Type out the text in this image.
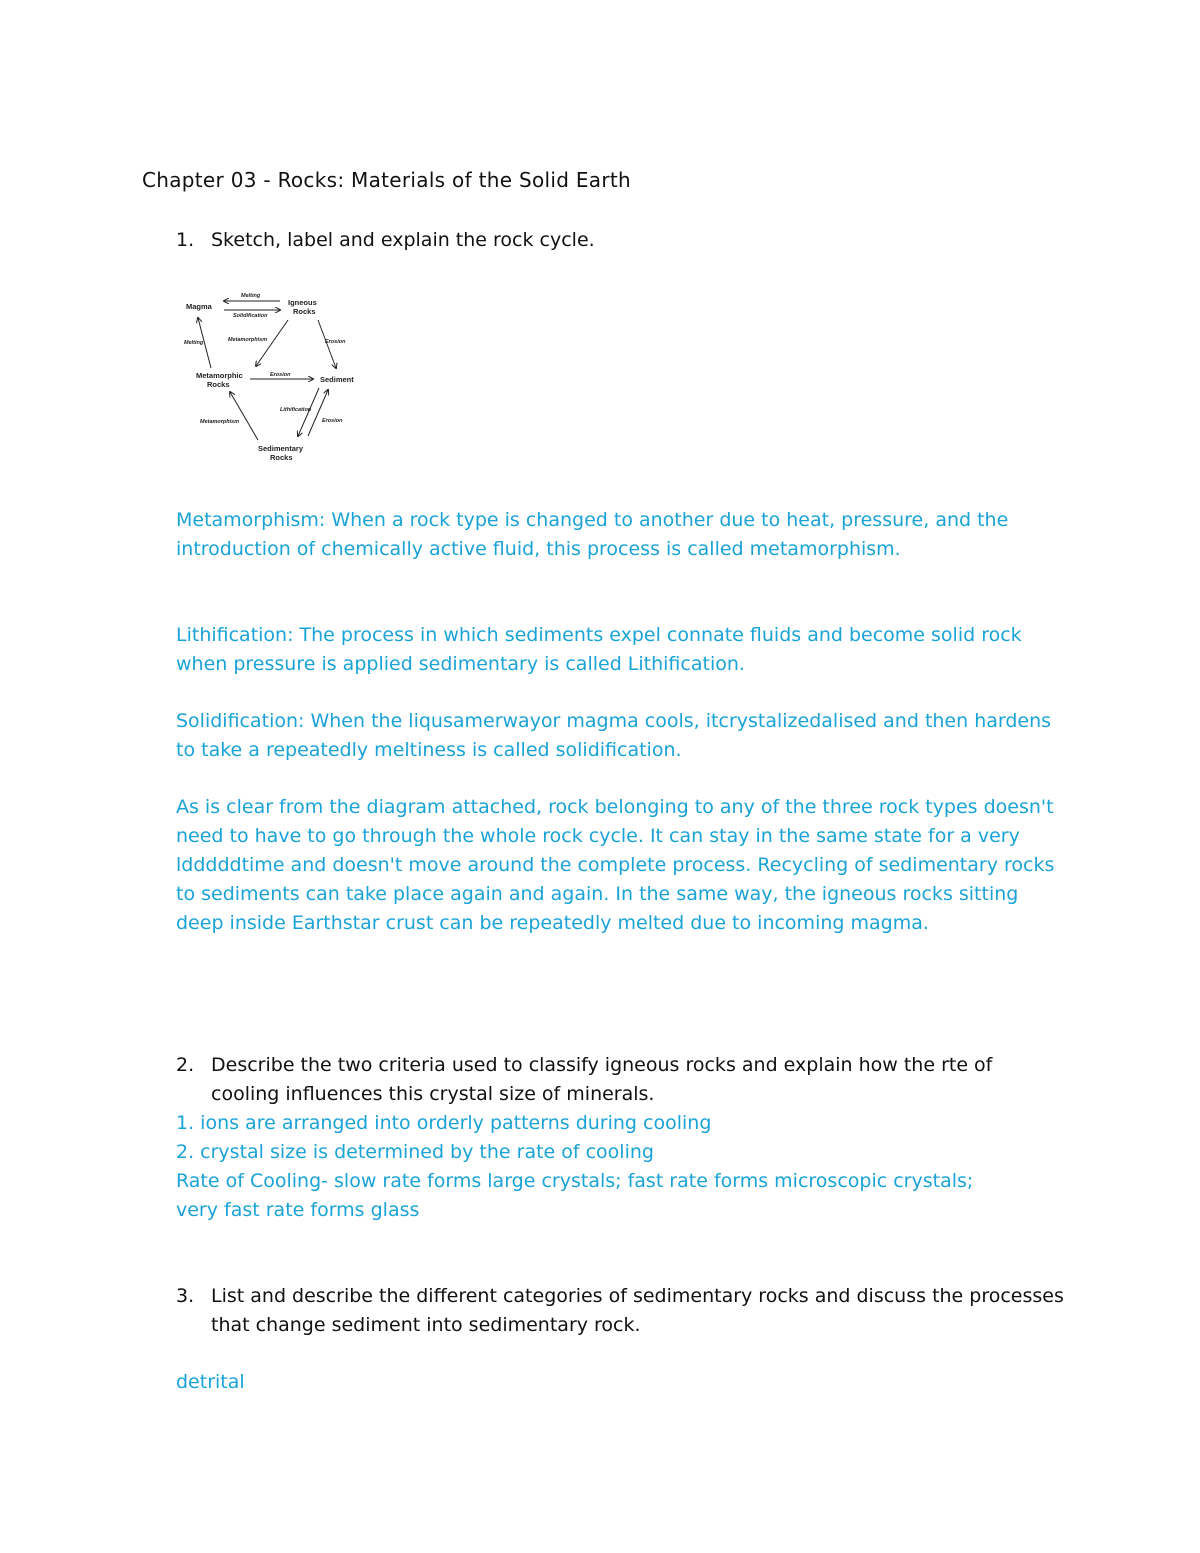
Chapter 03 - Rocks: Materials of the Solid Earth
1. Sketch, label and explain the rock cycle.
Magma	Igneous
Rocks
Metamorphic
Rocks
Sediment
Sedimentary
Rocks
Melting
Solidification
Melting	Metamorphism	Erosion
Erosion
Lithification
Erosion
Metamorphism

Metamorphism: When a rock type is changed to another due to heat, pressure, and the introduction of chemically active fluid, this process is called metamorphism.

Lithification: The process in which sediments expel connate fluids and become solid rock when pressure is applied sedimentary is called Lithification.

Solidification: When the liqusamerwayor magma cools, itcrystalizedalised and then hardens to take a repeatedly meltiness is called solidification.

As is clear from the diagram attached, rock belonging to any of the three rock types doesn't need to have to go through the whole rock cycle. It can stay in the same state for a very ldddddtime and doesn't move around the complete process. Recycling of sedimentary rocks to sediments can take place again and again. In the same way, the igneous rocks sitting deep inside Earthstar crust can be repeatedly melted due to incoming magma.

2. Describe the two criteria used to classify igneous rocks and explain how the rte of cooling influences this crystal size of minerals.

1. ions are arranged into orderly patterns during cooling

2. crystal size is determined by the rate of cooling

Rate of Cooling- slow rate forms large crystals; fast rate forms microscopic crystals; very fast rate forms glass

3. List and describe the different categories of sedimentary rocks and discuss the processes that change sediment into sedimentary rock.

detrital
